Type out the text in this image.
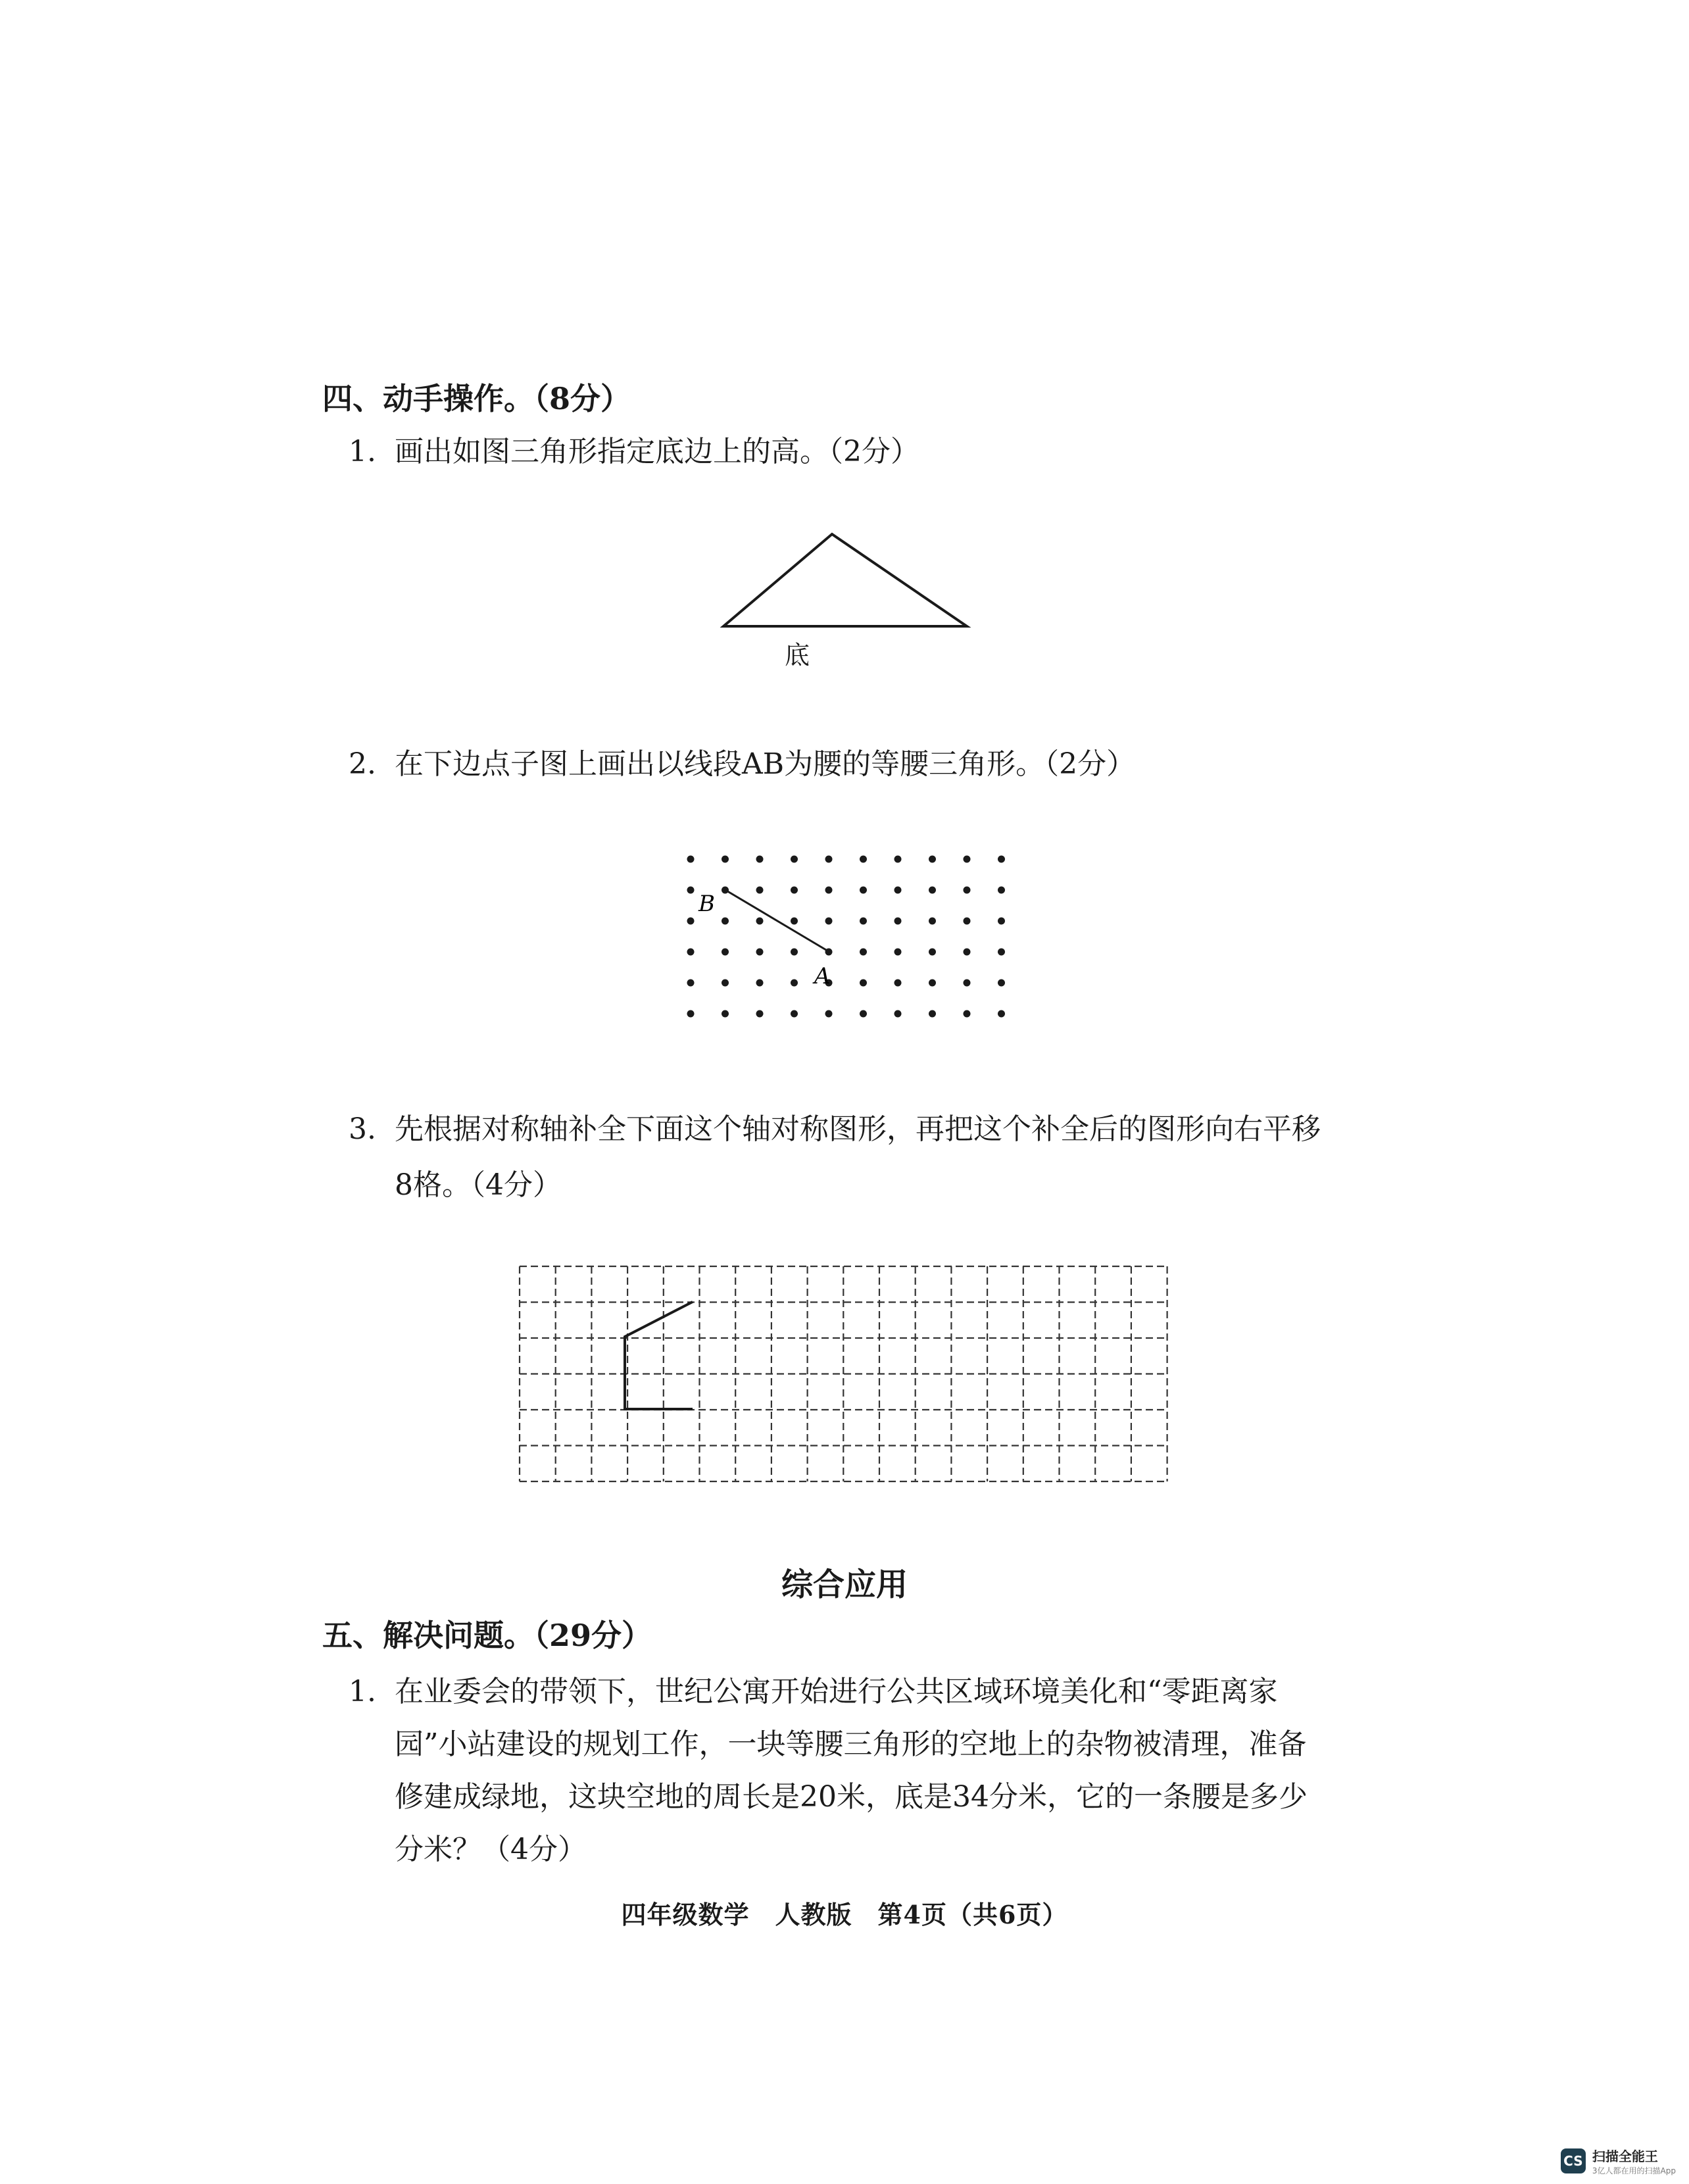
四、动手操作。（8分）
1. 画出如图三角形指定底边上的高。（2分）
底
2. 在下边点子图上画出以线段AB为腰的等腰三角形。（2分）
B
A
3. 先根据对称轴补全下面这个轴对称图形，再把这个补全后的图形向右平移
8格。（4分）
综合应用
五、解决问题。（29分）
1. 在业委会的带领下，世纪公寓开始进行公共区域环境美化和“零距离家
园”小站建设的规划工作，一块等腰三角形的空地上的杂物被清理，准备
修建成绿地，这块空地的周长是20米，底是34分米，它的一条腰是多少
分米？（4分）
四年级数学　人教版　第4页（共6页）
CS 扫描全能王
3亿人都在用的扫描App
